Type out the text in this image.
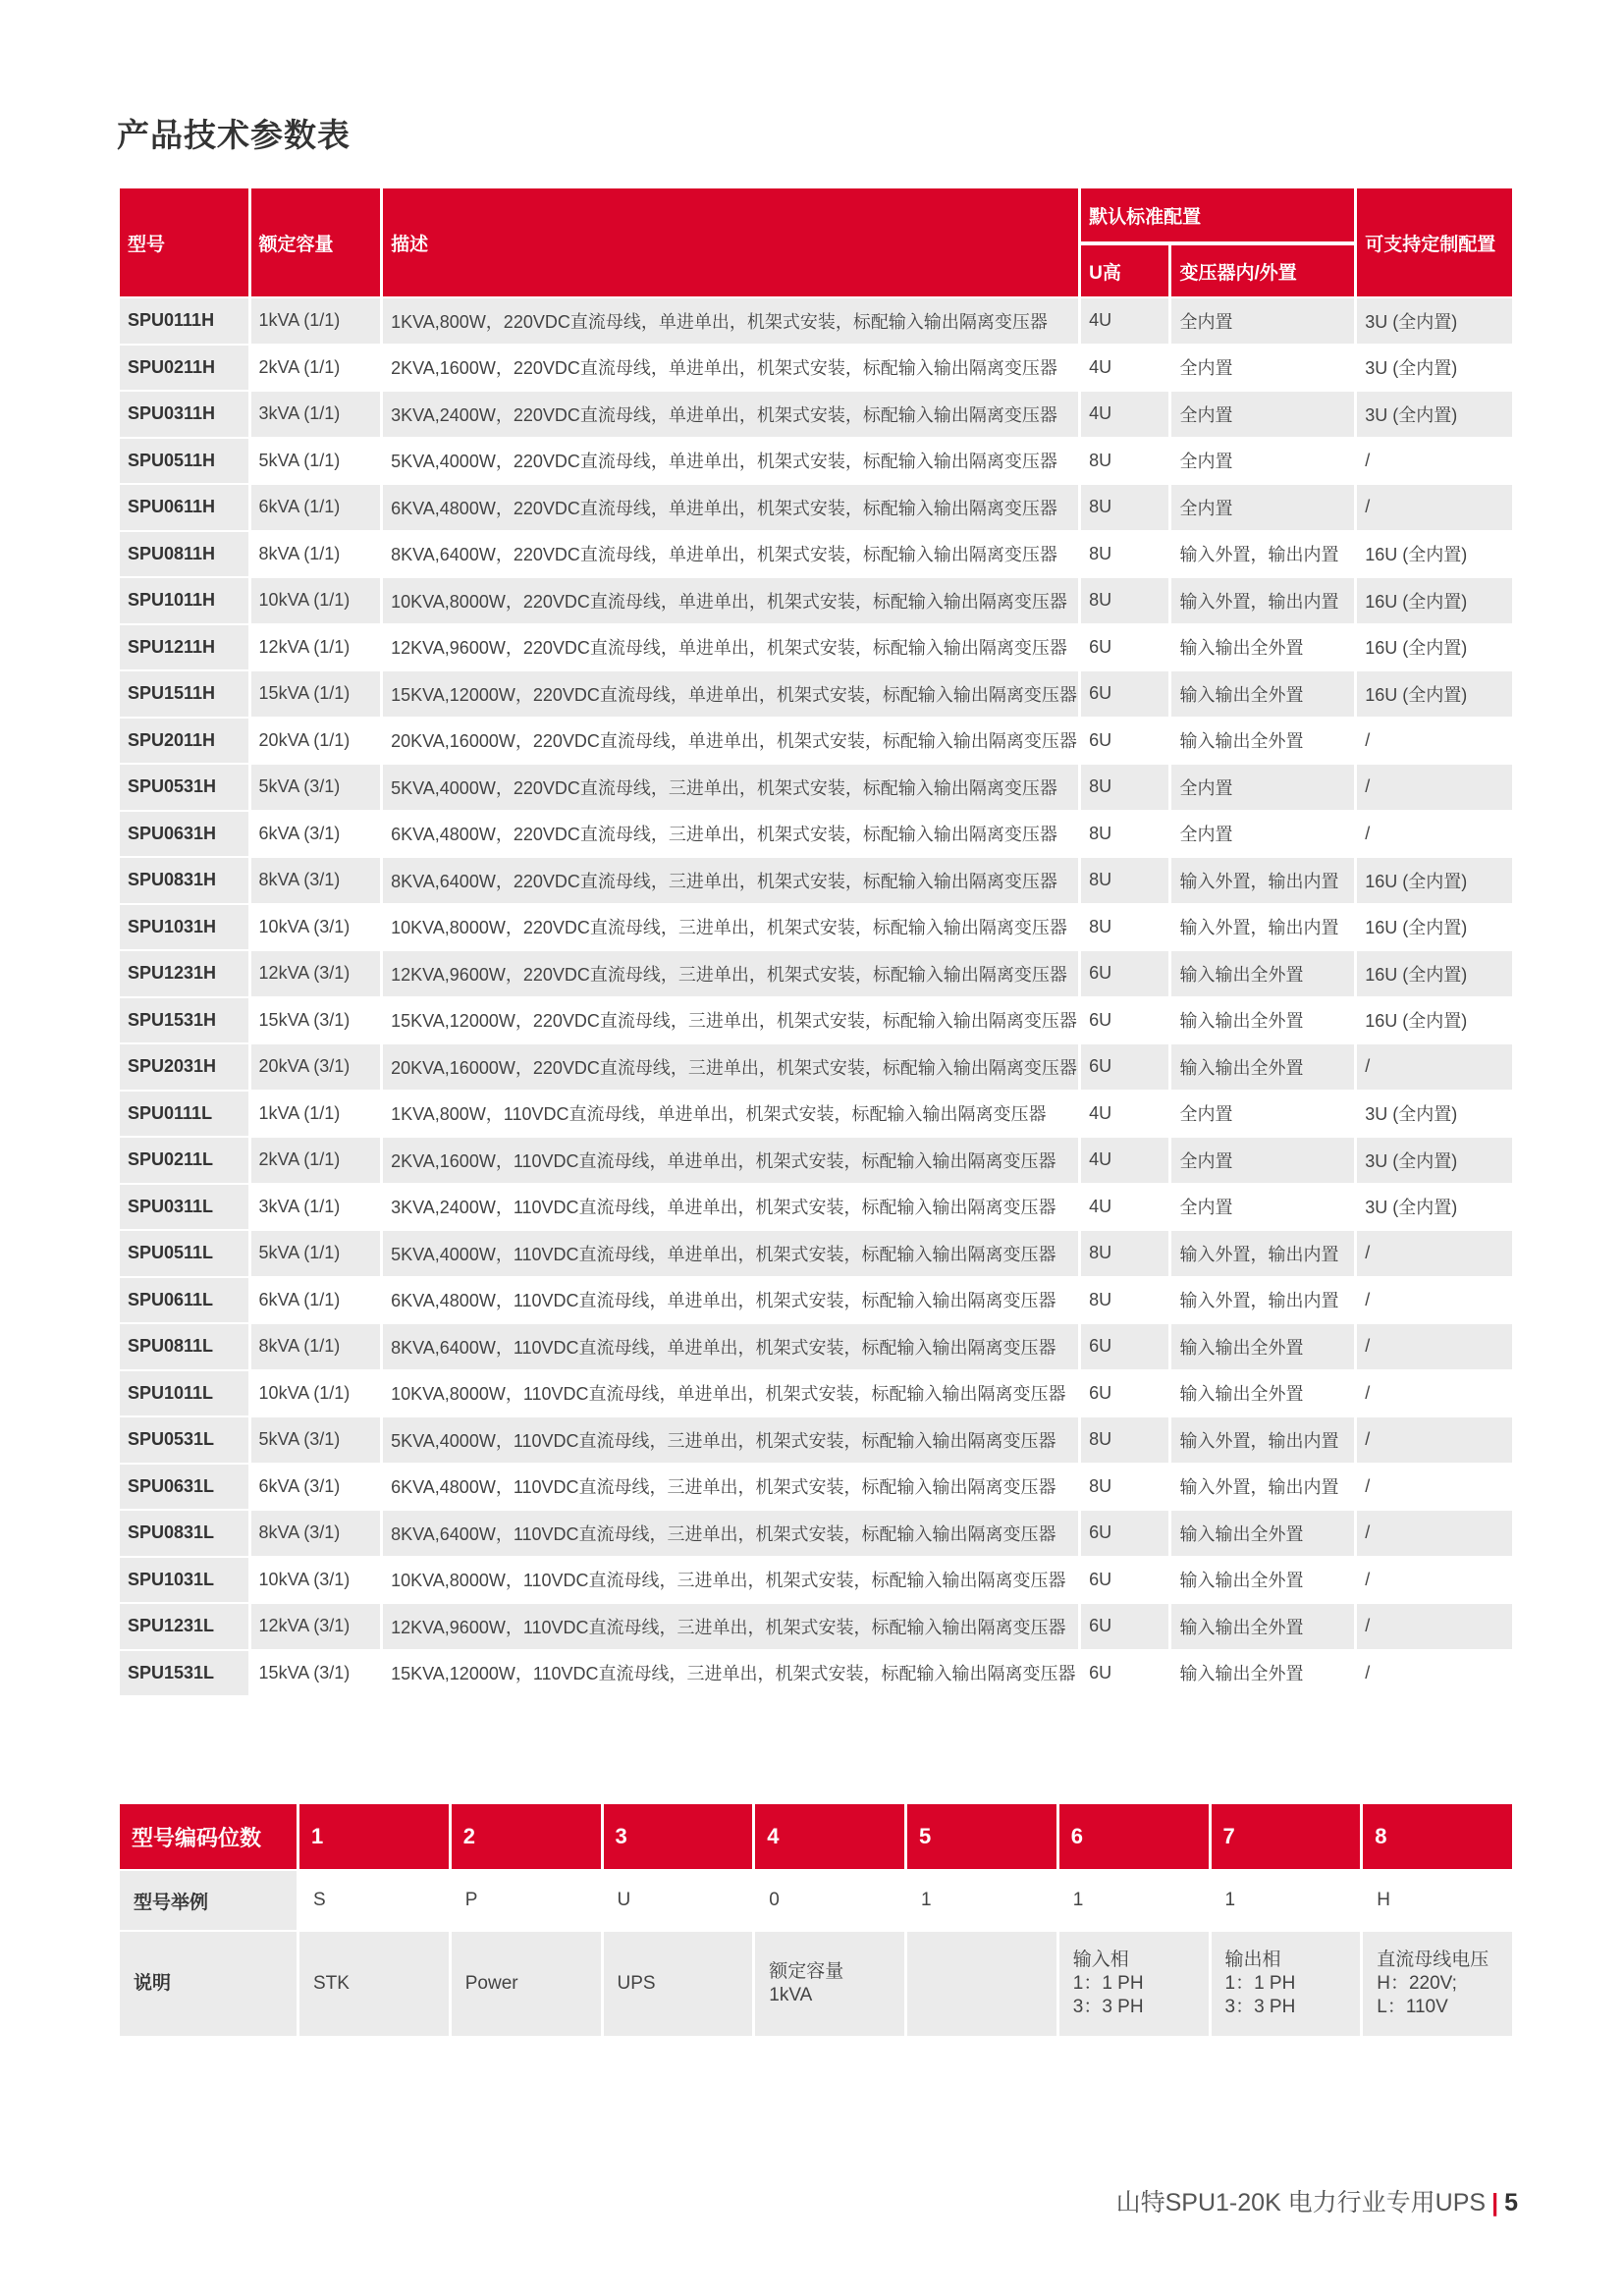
产品技术参数表
型号	额定容量	描述	默认标准配置		可支持定制配置
			U高	变压器内/外置	
SPU0111H	1kVA (1/1)	1KVA,800W，220VDC直流母线，单进单出，机架式安装，标配输入输出隔离变压器	4U	全内置	3U (全内置)
SPU0211H	2kVA (1/1)	2KVA,1600W，220VDC直流母线，单进单出，机架式安装，标配输入输出隔离变压器	4U	全内置	3U (全内置)
SPU0311H	3kVA (1/1)	3KVA,2400W，220VDC直流母线，单进单出，机架式安装，标配输入输出隔离变压器	4U	全内置	3U (全内置)
SPU0511H	5kVA (1/1)	5KVA,4000W，220VDC直流母线，单进单出，机架式安装，标配输入输出隔离变压器	8U	全内置	/
SPU0611H	6kVA (1/1)	6KVA,4800W，220VDC直流母线，单进单出，机架式安装，标配输入输出隔离变压器	8U	全内置	/
SPU0811H	8kVA (1/1)	8KVA,6400W，220VDC直流母线，单进单出，机架式安装，标配输入输出隔离变压器	8U	输入外置，输出内置	16U (全内置)
SPU1011H	10kVA (1/1)	10KVA,8000W，220VDC直流母线，单进单出，机架式安装，标配输入输出隔离变压器	8U	输入外置，输出内置	16U (全内置)
SPU1211H	12kVA (1/1)	12KVA,9600W，220VDC直流母线，单进单出，机架式安装，标配输入输出隔离变压器	6U	输入输出全外置	16U (全内置)
SPU1511H	15kVA (1/1)	15KVA,12000W，220VDC直流母线，单进单出，机架式安装，标配输入输出隔离变压器	6U	输入输出全外置	16U (全内置)
SPU2011H	20kVA (1/1)	20KVA,16000W，220VDC直流母线，单进单出，机架式安装，标配输入输出隔离变压器	6U	输入输出全外置	/
SPU0531H	5kVA (3/1)	5KVA,4000W，220VDC直流母线，三进单出，机架式安装，标配输入输出隔离变压器	8U	全内置	/
SPU0631H	6kVA (3/1)	6KVA,4800W，220VDC直流母线，三进单出，机架式安装，标配输入输出隔离变压器	8U	全内置	/
SPU0831H	8kVA (3/1)	8KVA,6400W，220VDC直流母线，三进单出，机架式安装，标配输入输出隔离变压器	8U	输入外置，输出内置	16U (全内置)
SPU1031H	10kVA (3/1)	10KVA,8000W，220VDC直流母线，三进单出，机架式安装，标配输入输出隔离变压器	8U	输入外置，输出内置	16U (全内置)
SPU1231H	12kVA (3/1)	12KVA,9600W，220VDC直流母线，三进单出，机架式安装，标配输入输出隔离变压器	6U	输入输出全外置	16U (全内置)
SPU1531H	15kVA (3/1)	15KVA,12000W，220VDC直流母线，三进单出，机架式安装，标配输入输出隔离变压器	6U	输入输出全外置	16U (全内置)
SPU2031H	20kVA (3/1)	20KVA,16000W，220VDC直流母线，三进单出，机架式安装，标配输入输出隔离变压器	6U	输入输出全外置	/
SPU0111L	1kVA (1/1)	1KVA,800W，110VDC直流母线，单进单出，机架式安装，标配输入输出隔离变压器	4U	全内置	3U (全内置)
SPU0211L	2kVA (1/1)	2KVA,1600W，110VDC直流母线，单进单出，机架式安装，标配输入输出隔离变压器	4U	全内置	3U (全内置)
SPU0311L	3kVA (1/1)	3KVA,2400W，110VDC直流母线，单进单出，机架式安装，标配输入输出隔离变压器	4U	全内置	3U (全内置)
SPU0511L	5kVA (1/1)	5KVA,4000W，110VDC直流母线，单进单出，机架式安装，标配输入输出隔离变压器	8U	输入外置，输出内置	/
SPU0611L	6kVA (1/1)	6KVA,4800W，110VDC直流母线，单进单出，机架式安装，标配输入输出隔离变压器	8U	输入外置，输出内置	/
SPU0811L	8kVA (1/1)	8KVA,6400W，110VDC直流母线，单进单出，机架式安装，标配输入输出隔离变压器	6U	输入输出全外置	/
SPU1011L	10kVA (1/1)	10KVA,8000W，110VDC直流母线，单进单出，机架式安装，标配输入输出隔离变压器	6U	输入输出全外置	/
SPU0531L	5kVA (3/1)	5KVA,4000W，110VDC直流母线，三进单出，机架式安装，标配输入输出隔离变压器	8U	输入外置，输出内置	/
SPU0631L	6kVA (3/1)	6KVA,4800W，110VDC直流母线，三进单出，机架式安装，标配输入输出隔离变压器	8U	输入外置，输出内置	/
SPU0831L	8kVA (3/1)	8KVA,6400W，110VDC直流母线，三进单出，机架式安装，标配输入输出隔离变压器	6U	输入输出全外置	/
SPU1031L	10kVA (3/1)	10KVA,8000W，110VDC直流母线，三进单出，机架式安装，标配输入输出隔离变压器	6U	输入输出全外置	/
SPU1231L	12kVA (3/1)	12KVA,9600W，110VDC直流母线，三进单出，机架式安装，标配输入输出隔离变压器	6U	输入输出全外置	/
SPU1531L	15kVA (3/1)	15KVA,12000W，110VDC直流母线，三进单出，机架式安装，标配输入输出隔离变压器	6U	输入输出全外置	/
型号编码位数	1	2	3	4	5	6	7	8
型号举例	S	P	U	0	1	1	1	H
说明	STK	Power	UPS	额定容量
1kVA		输入相
1：1 PH
3：3 PH	输出相
1：1 PH
3：3 PH	直流母线电压
H：220V;
L：110V
山特SPU1-20K 电力行业专用UPS | 5
